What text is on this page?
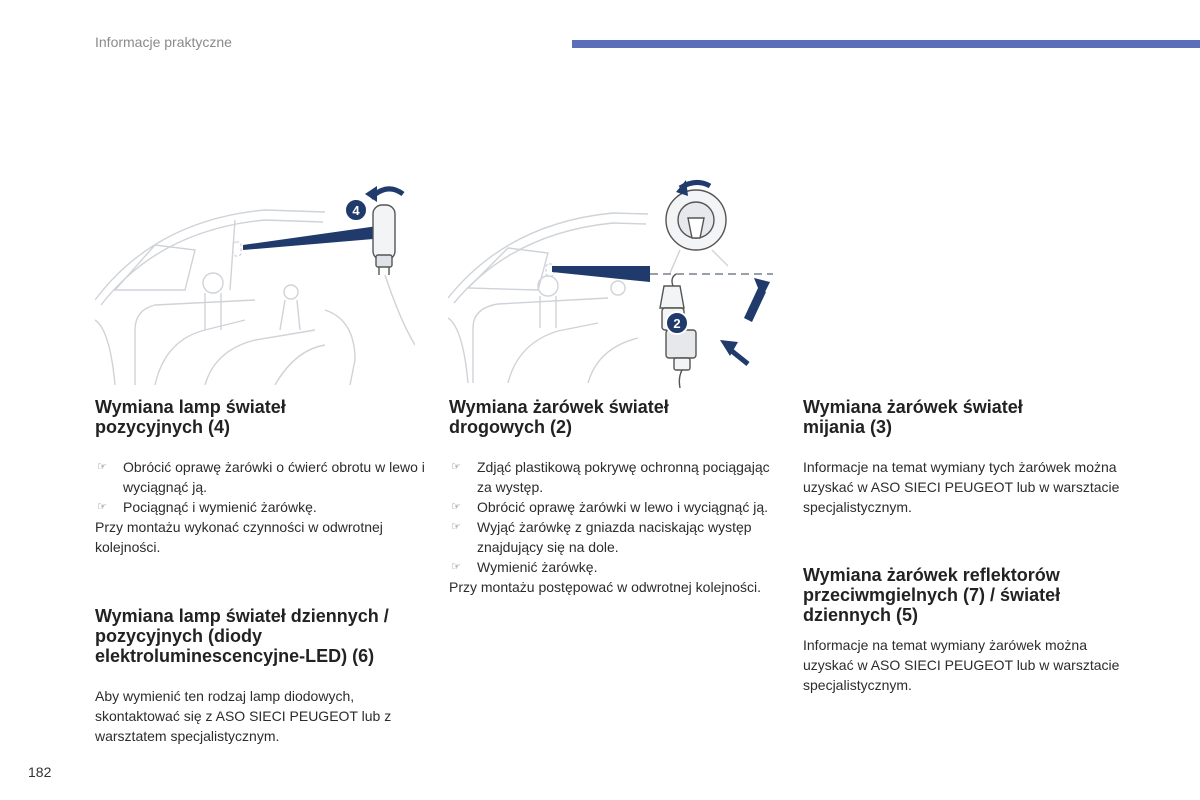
Informacje praktyczne
4
2
Wymiana lamp świateł
pozycyjnych (4)
☞ Obrócić oprawę żarówki o ćwierć obrotu w lewo i wyciągnąć ją.
☞ Pociągnąć i wymienić żarówkę.

Przy montażu wykonać czynności w odwrotnej kolejności.

Wymiana lamp świateł dziennych / pozycyjnych (diody elektroluminescencyjne-LED) (6)

Aby wymienić ten rodzaj lamp diodowych, skontaktować się z ASO SIECI PEUGEOT lub z warsztatem specjalistycznym.

Wymiana żarówek świateł
drogowych (2)
☞ Zdjąć plastikową pokrywę ochronną pociągając za występ.
☞ Obrócić oprawę żarówki w lewo i wyciągnąć ją.
☞ Wyjąć żarówkę z gniazda naciskając występ znajdujący się na dole.
☞ Wymienić żarówkę.

Przy montażu postępować w odwrotnej kolejności.

Wymiana żarówek świateł
mijania (3)

Informacje na temat wymiany tych żarówek można uzyskać w ASO SIECI PEUGEOT lub w warsztacie specjalistycznym.

Wymiana żarówek reflektorów przeciwmgielnych (7) / świateł dziennych (5)

Informacje na temat wymiany żarówek można uzyskać w ASO SIECI PEUGEOT lub w warsztacie specjalistycznym.

182
